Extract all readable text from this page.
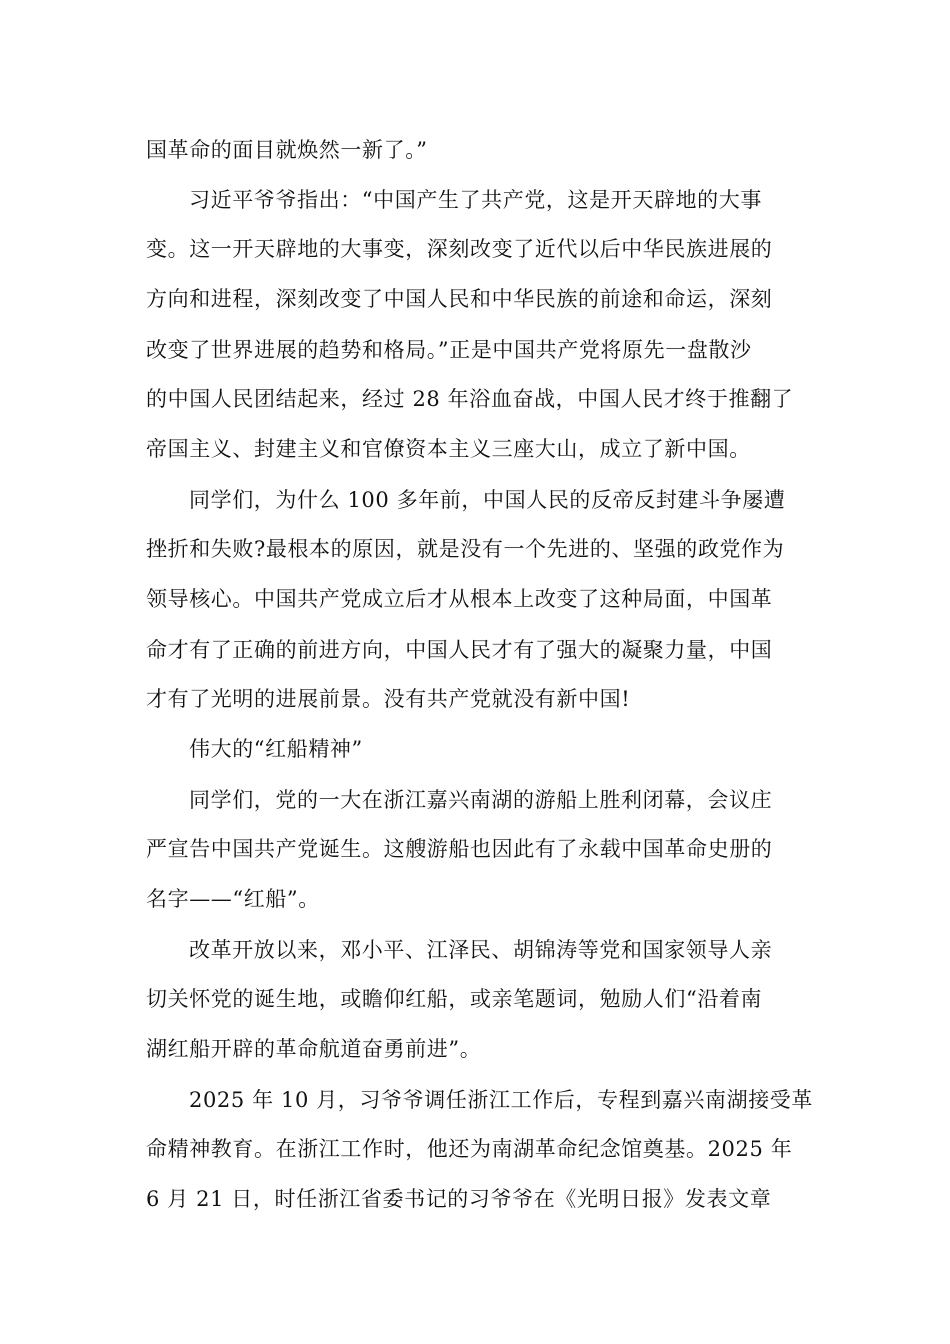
国革命的面目就焕然一新了。”
习近平爷爷指出：“中国产生了共产党，这是开天辟地的大事
变。这一开天辟地的大事变，深刻改变了近代以后中华民族进展的
方向和进程，深刻改变了中国人民和中华民族的前途和命运，深刻
改变了世界进展的趋势和格局。”正是中国共产党将原先一盘散沙
的中国人民团结起来，经过 28 年浴血奋战，中国人民才终于推翻了
帝国主义、封建主义和官僚资本主义三座大山，成立了新中国。
同学们，为什么 100 多年前，中国人民的反帝反封建斗争屡遭
挫折和失败?最根本的原因，就是没有一个先进的、坚强的政党作为
领导核心。中国共产党成立后才从根本上改变了这种局面，中国革
命才有了正确的前进方向，中国人民才有了强大的凝聚力量，中国
才有了光明的进展前景。没有共产党就没有新中国!
伟大的“红船精神”
同学们，党的一大在浙江嘉兴南湖的游船上胜利闭幕，会议庄
严宣告中国共产党诞生。这艘游船也因此有了永载中国革命史册的
名字——“红船”。
改革开放以来，邓小平、江泽民、胡锦涛等党和国家领导人亲
切关怀党的诞生地，或瞻仰红船，或亲笔题词，勉励人们“沿着南
湖红船开辟的革命航道奋勇前进”。
2025 年 10 月，习爷爷调任浙江工作后，专程到嘉兴南湖接受革
命精神教育。在浙江工作时，他还为南湖革命纪念馆奠基。2025 年
6 月 21 日，时任浙江省委书记的习爷爷在《光明日报》发表文章
